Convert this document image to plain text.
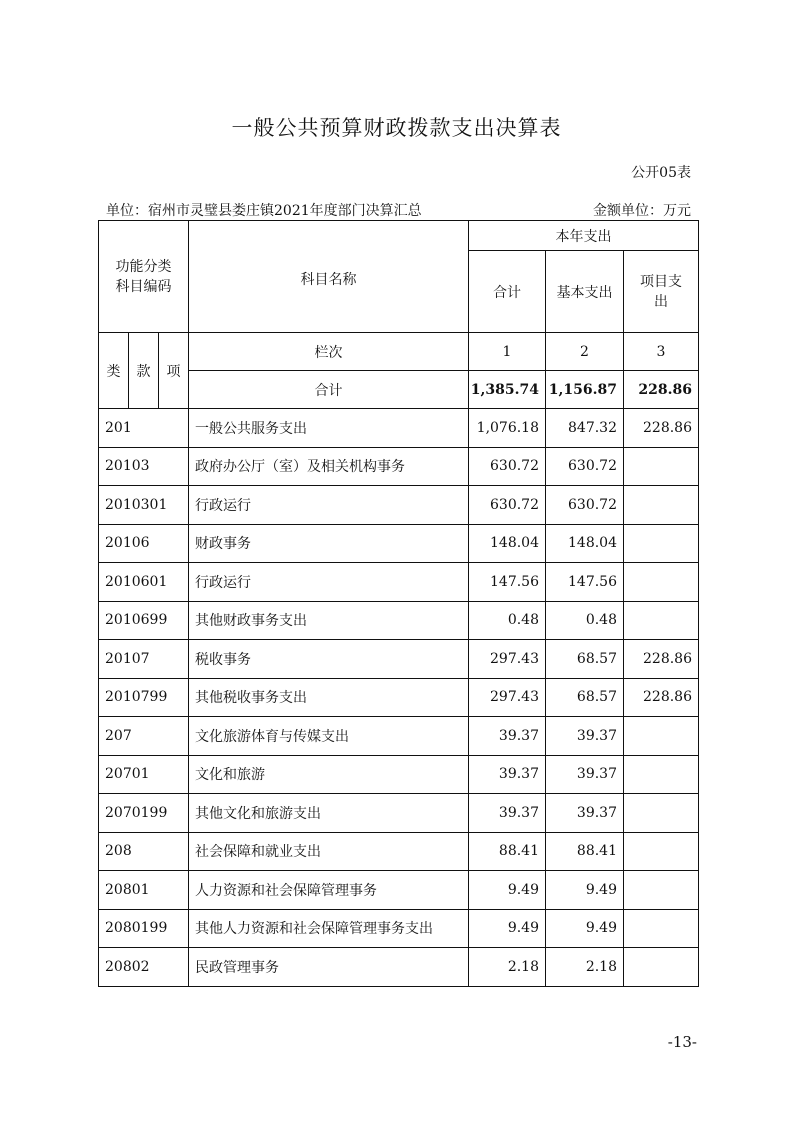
一般公共预算财政拨款支出决算表
公开05表
单位：宿州市灵璧县娄庄镇2021年度部门决算汇总	金额单位：万元
功能分类
科目编码			科目名称	本年支出		
				合计	基本支出	项目支
出
类	款	项	栏次	1	2	3
			合计	1,385.74	1,156.87	228.86
201			一般公共服务支出	1,076.18	847.32	228.86
20103			政府办公厅（室）及相关机构事务	630.72	630.72	
2010301			行政运行	630.72	630.72	
20106			财政事务	148.04	148.04	
2010601			行政运行	147.56	147.56	
2010699			其他财政事务支出	0.48	0.48	
20107			税收事务	297.43	68.57	228.86
2010799			其他税收事务支出	297.43	68.57	228.86
207			文化旅游体育与传媒支出	39.37	39.37	
20701			文化和旅游	39.37	39.37	
2070199			其他文化和旅游支出	39.37	39.37	
208			社会保障和就业支出	88.41	88.41	
20801			人力资源和社会保障管理事务	9.49	9.49	
2080199			其他人力资源和社会保障管理事务支出	9.49	9.49	
20802			民政管理事务	2.18	2.18	
-13-
